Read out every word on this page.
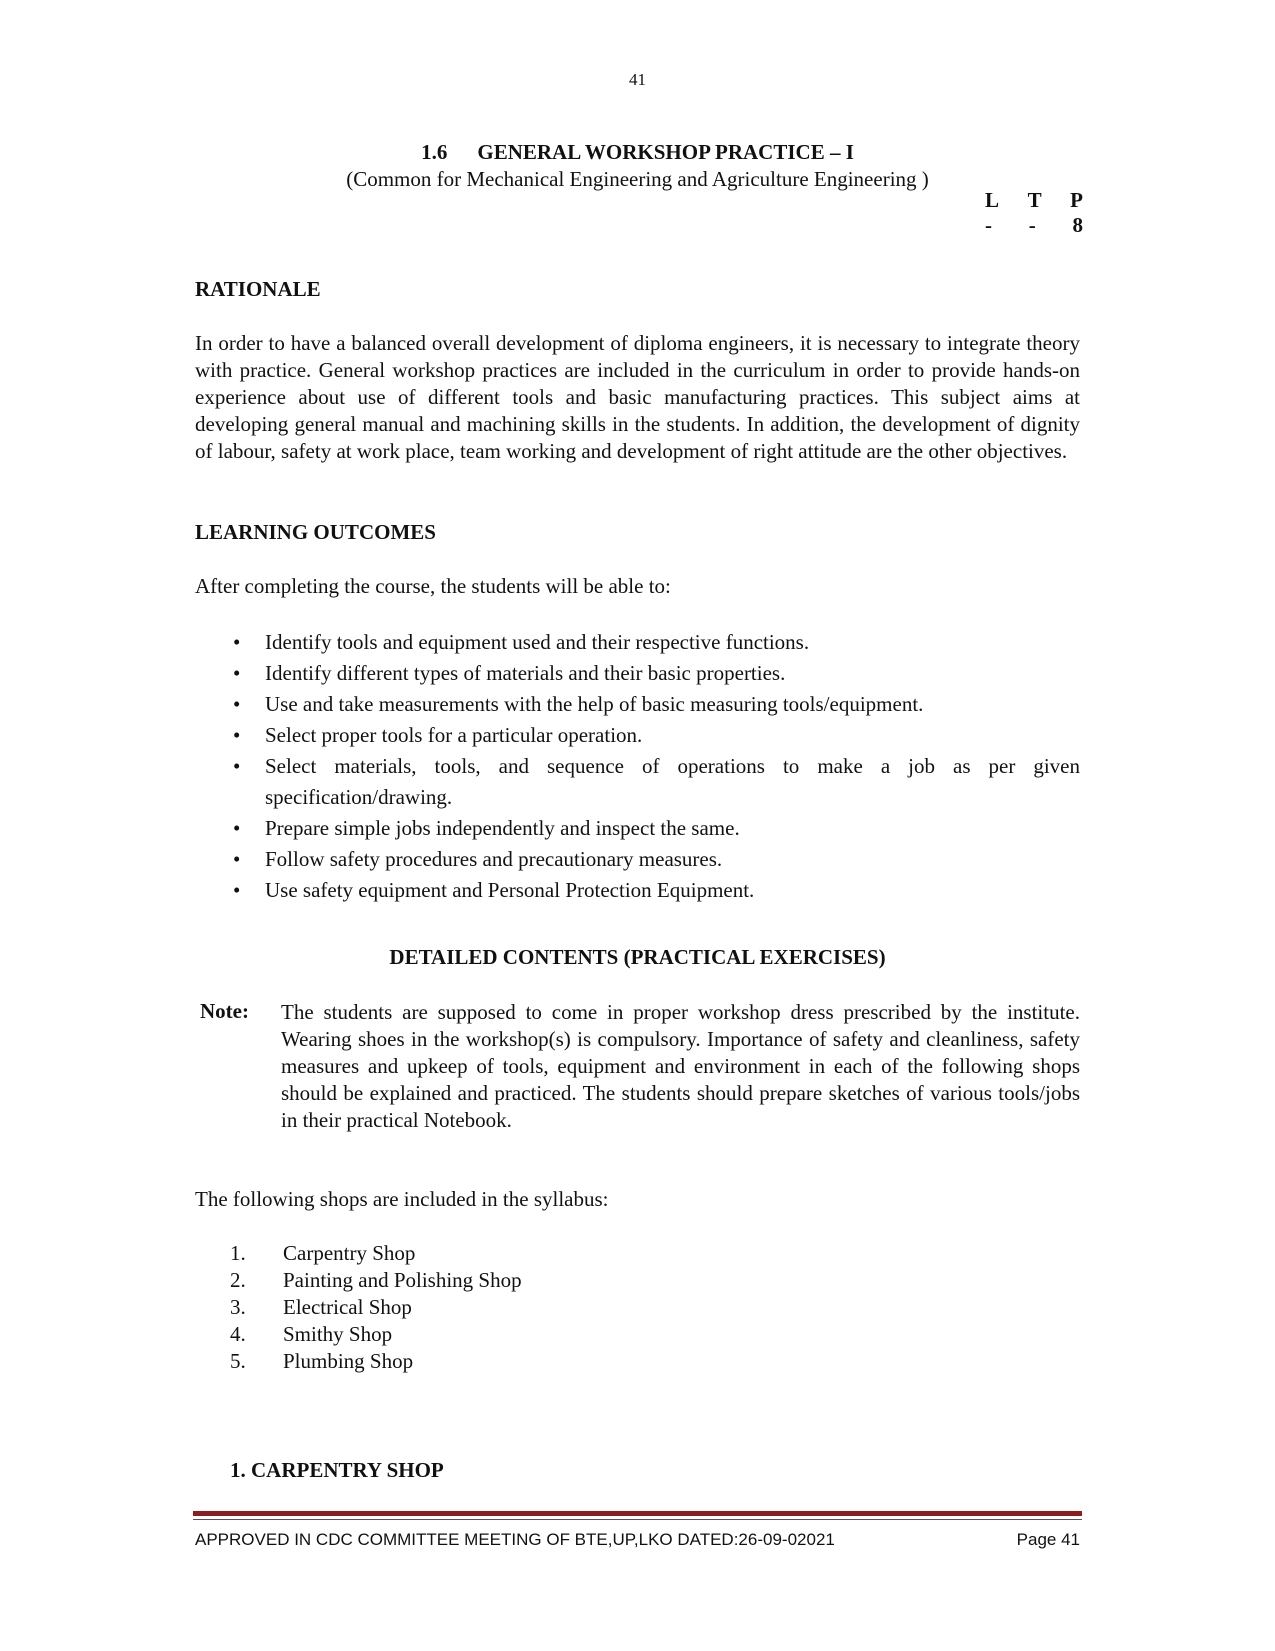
41
1.6 GENERAL WORKSHOP PRACTICE – I
(Common for Mechanical Engineering and Agriculture Engineering )
L T P
- - 8
RATIONALE
In order to have a balanced overall development of diploma engineers, it is necessary to integrate theory with practice. General workshop practices are included in the curriculum in order to provide hands-on experience about use of different tools and basic manufacturing practices. This subject aims at developing general manual and machining skills in the students. In addition, the development of dignity of labour, safety at work place, team working and development of right attitude are the other objectives.
LEARNING OUTCOMES
After completing the course, the students will be able to:
• Identify tools and equipment used and their respective functions.
• Identify different types of materials and their basic properties.
• Use and take measurements with the help of basic measuring tools/equipment.
• Select proper tools for a particular operation.
• Select materials, tools, and sequence of operations to make a job as per given specification/drawing.
• Prepare simple jobs independently and inspect the same.
• Follow safety procedures and precautionary measures.
• Use safety equipment and Personal Protection Equipment.
DETAILED CONTENTS (PRACTICAL EXERCISES)
Note: The students are supposed to come in proper workshop dress prescribed by the institute. Wearing shoes in the workshop(s) is compulsory. Importance of safety and cleanliness, safety measures and upkeep of tools, equipment and environment in each of the following shops should be explained and practiced. The students should prepare sketches of various tools/jobs in their practical Notebook.
The following shops are included in the syllabus:
1.	Carpentry Shop
2.	Painting and Polishing Shop
3.	Electrical Shop
4.	Smithy Shop
5.	Plumbing Shop
1. CARPENTRY SHOP
APPROVED IN CDC COMMITTEE MEETING OF BTE,UP,LKO DATED:26-09-02021	Page 41
